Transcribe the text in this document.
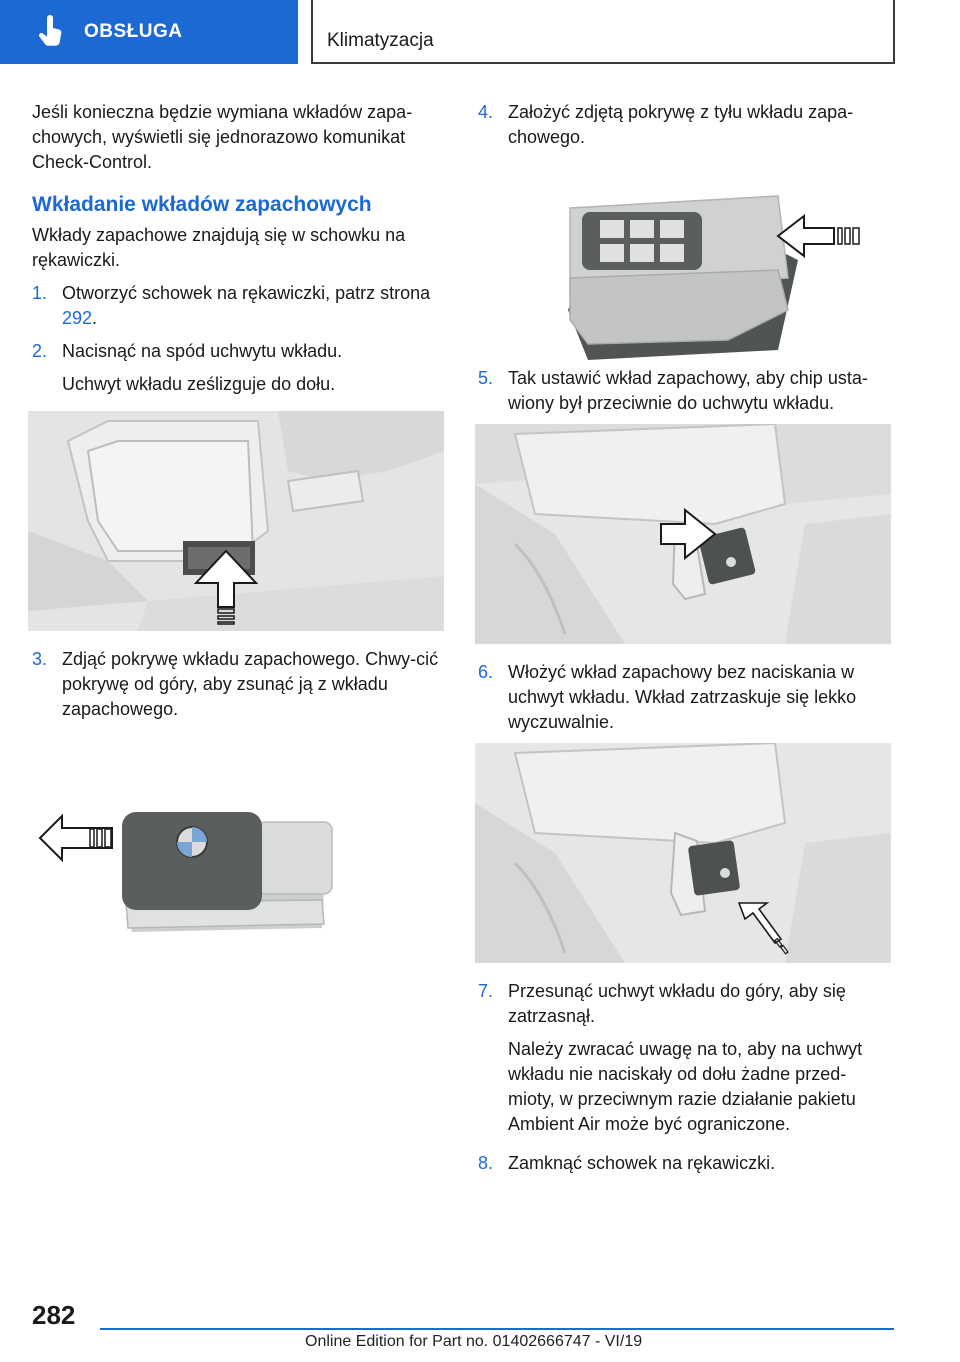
OBSŁUGA	Klimatyzacja

Jeśli konieczna będzie wymiana wkładów zapa-chowych, wyświetli się jednorazowo komunikat Check-Control.

Wkładanie wkładów zapachowych

Wkłady zapachowe znajdują się w schowku na rękawiczki.

1. Otworzyć schowek na rękawiczki, patrz strona 292.
2. Nacisnąć na spód uchwytu wkładu.

Uchwyt wkładu ześlizguje do dołu.

3. Zdjąć pokrywę wkładu zapachowego. Chwy-cić pokrywę od góry, aby zsunąć ją z wkładu zapachowego.
4. Założyć zdjętą pokrywę z tyłu wkładu zapa-chowego.
5. Tak ustawić wkład zapachowy, aby chip usta-wiony był przeciwnie do uchwytu wkładu.
6. Włożyć wkład zapachowy bez naciskania w uchwyt wkładu. Wkład zatrzaskuje się lekko wyczuwalnie.
7. Przesunąć uchwyt wkładu do góry, aby się zatrzasnął.

Należy zwracać uwagę na to, aby na uchwyt wkładu nie naciskały od dołu żadne przed-mioty, w przeciwnym razie działanie pakietu Ambient Air może być ograniczone.

8. Zamknąć schowek na rękawiczki.
282
Online Edition for Part no. 01402666747 - VI/19
